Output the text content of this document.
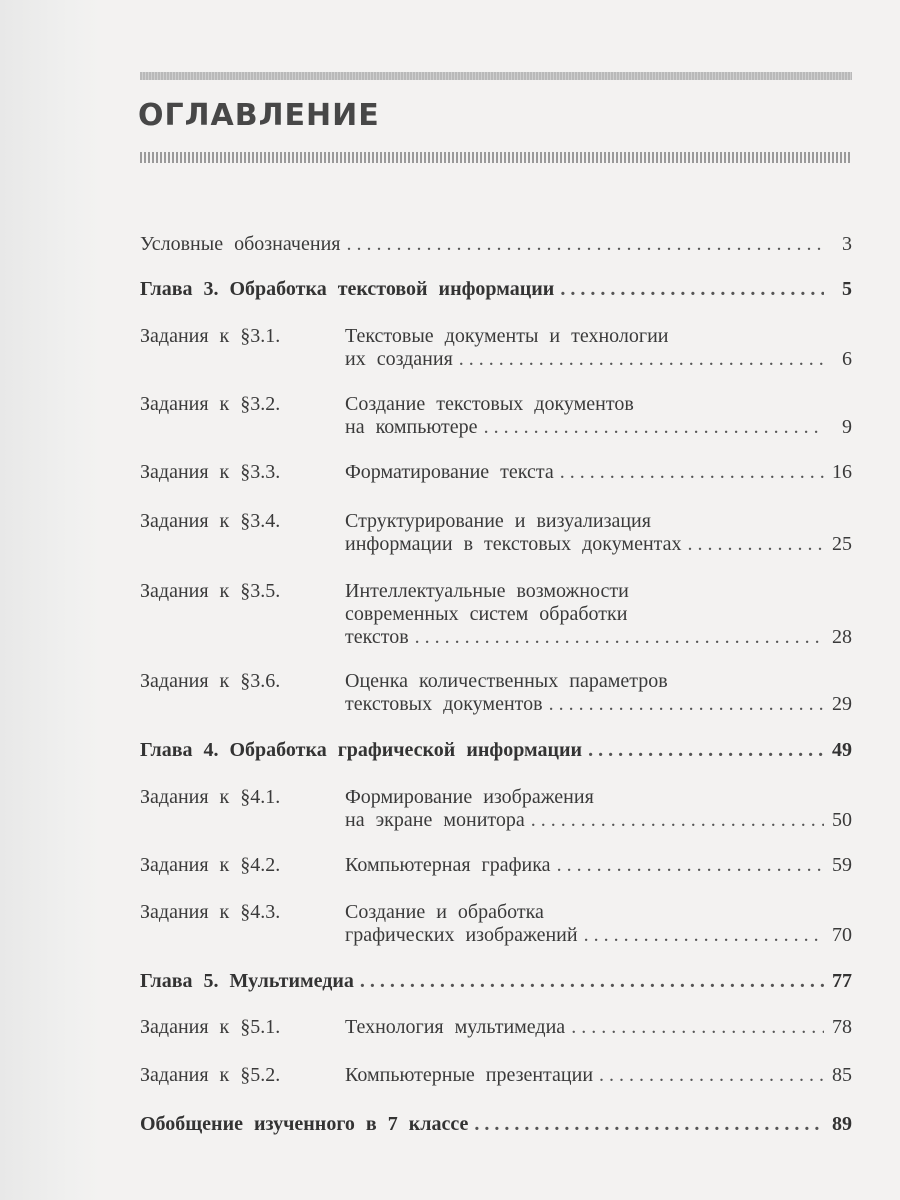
ОГЛАВЛЕНИЕ
Условные обозначения . . .	3
Глава 3. Обработка текстовой информации . . .	5
Задания к §3.1.	Текстовые документы и технологии
их создания . . .	6
Задания к §3.2.	Создание текстовых документов
на компьютере . . .	9
Задания к §3.3.	Форматирование текста . . .	16
Задания к §3.4.	Структурирование и визуализация
информации в текстовых документах . . .	25
Задания к §3.5.	Интеллектуальные возможности
современных систем обработки
текстов . . .	28
Задания к §3.6.	Оценка количественных параметров
текстовых документов . . .	29
Глава 4. Обработка графической информации . . .	49
Задания к §4.1.	Формирование изображения
на экране монитора . . .	50
Задания к §4.2.	Компьютерная графика . . .	59
Задания к §4.3.	Создание и обработка
графических изображений . . .	70
Глава 5. Мультимедиа . . .	77
Задания к §5.1.	Технология мультимедиа . . .	78
Задания к §5.2.	Компьютерные презентации . . .	85
Обобщение изученного в 7 классе . . .	89
